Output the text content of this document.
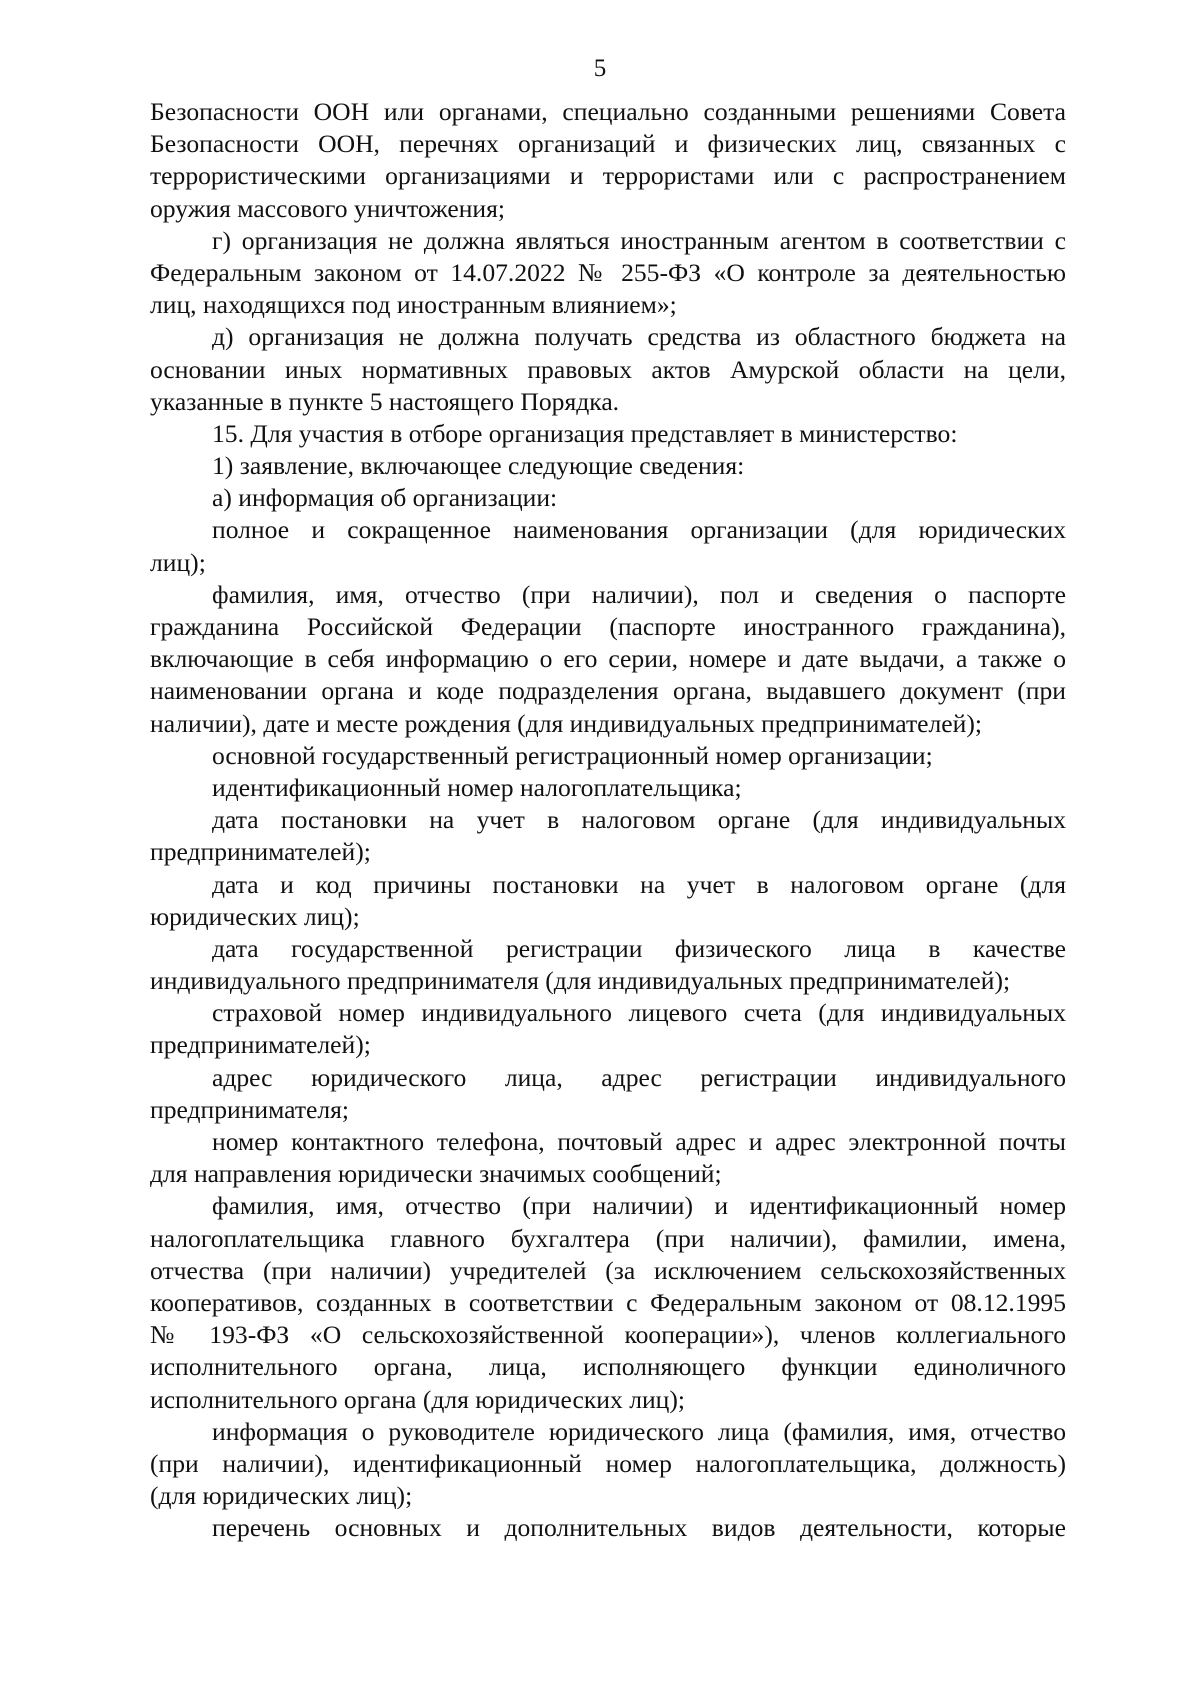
5
Безопасности ООН или органами, специально созданными решениями Совета
Безопасности ООН, перечнях организаций и физических лиц, связанных с
террористическими организациями и террористами или с распространением
оружия массового уничтожения;
г) организация не должна являться иностранным агентом в соответствии с
Федеральным законом от 14.07.2022 № 255-ФЗ «О контроле за деятельностью
лиц, находящихся под иностранным влиянием»;
д) организация не должна получать средства из областного бюджета на
основании иных нормативных правовых актов Амурской области на цели,
указанные в пункте 5 настоящего Порядка.
15. Для участия в отборе организация представляет в министерство:
1) заявление, включающее следующие сведения:
а) информация об организации:
полное и сокращенное наименования организации (для юридических
лиц);
фамилия, имя, отчество (при наличии), пол и сведения о паспорте
гражданина Российской Федерации (паспорте иностранного гражданина),
включающие в себя информацию о его серии, номере и дате выдачи, а также о
наименовании органа и коде подразделения органа, выдавшего документ (при
наличии), дате и месте рождения (для индивидуальных предпринимателей);
основной государственный регистрационный номер организации;
идентификационный номер налогоплательщика;
дата постановки на учет в налоговом органе (для индивидуальных
предпринимателей);
дата и код причины постановки на учет в налоговом органе (для
юридических лиц);
дата государственной регистрации физического лица в качестве
индивидуального предпринимателя (для индивидуальных предпринимателей);
страховой номер индивидуального лицевого счета (для индивидуальных
предпринимателей);
адрес юридического лица, адрес регистрации индивидуального
предпринимателя;
номер контактного телефона, почтовый адрес и адрес электронной почты
для направления юридически значимых сообщений;
фамилия, имя, отчество (при наличии) и идентификационный номер
налогоплательщика главного бухгалтера (при наличии), фамилии, имена,
отчества (при наличии) учредителей (за исключением сельскохозяйственных
кооперативов, созданных в соответствии с Федеральным законом от 08.12.1995
№ 193-ФЗ «О сельскохозяйственной кооперации»), членов коллегиального
исполнительного органа, лица, исполняющего функции единоличного
исполнительного органа (для юридических лиц);
информация о руководителе юридического лица (фамилия, имя, отчество
(при наличии), идентификационный номер налогоплательщика, должность)
(для юридических лиц);
перечень основных и дополнительных видов деятельности, которые
